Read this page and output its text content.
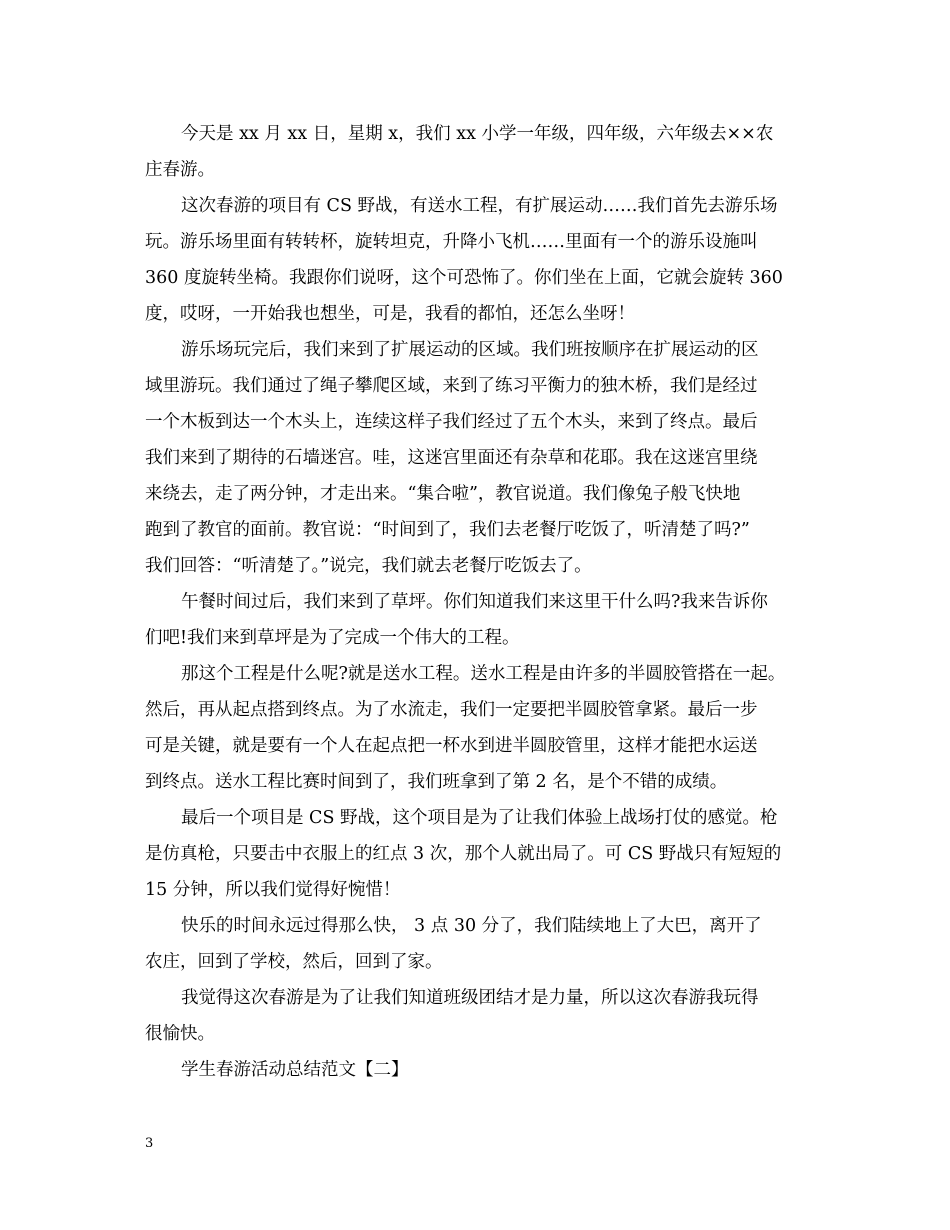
今天是 xx 月 xx 日，星期 x，我们 xx 小学一年级，四年级，六年级去××农
庄春游。
这次春游的项目有 CS 野战，有送水工程，有扩展运动……我们首先去游乐场
玩。游乐场里面有转转杯，旋转坦克，升降小飞机……里面有一个的游乐设施叫
360 度旋转坐椅。我跟你们说呀，这个可恐怖了。你们坐在上面，它就会旋转 360
度，哎呀，一开始我也想坐，可是，我看的都怕，还怎么坐呀！
游乐场玩完后，我们来到了扩展运动的区域。我们班按顺序在扩展运动的区
域里游玩。我们通过了绳子攀爬区域，来到了练习平衡力的独木桥，我们是经过
一个木板到达一个木头上，连续这样子我们经过了五个木头，来到了终点。最后
我们来到了期待的石墙迷宫。哇，这迷宫里面还有杂草和花耶。我在这迷宫里绕
来绕去，走了两分钟，才走出来。“集合啦”，教官说道。我们像兔子般飞快地
跑到了教官的面前。教官说：“时间到了，我们去老餐厅吃饭了，听清楚了吗?”
我们回答：“听清楚了。”说完，我们就去老餐厅吃饭去了。
午餐时间过后，我们来到了草坪。你们知道我们来这里干什么吗?我来告诉你
们吧!我们来到草坪是为了完成一个伟大的工程。
那这个工程是什么呢?就是送水工程。送水工程是由许多的半圆胶管搭在一起。
然后，再从起点搭到终点。为了水流走，我们一定要把半圆胶管拿紧。最后一步
可是关键，就是要有一个人在起点把一杯水到进半圆胶管里，这样才能把水运送
到终点。送水工程比赛时间到了，我们班拿到了第 2 名，是个不错的成绩。
最后一个项目是 CS 野战，这个项目是为了让我们体验上战场打仗的感觉。枪
是仿真枪，只要击中衣服上的红点 3 次，那个人就出局了。可 CS 野战只有短短的
15 分钟，所以我们觉得好惋惜！
快乐的时间永远过得那么快， 3 点 30 分了，我们陆续地上了大巴，离开了
农庄，回到了学校，然后，回到了家。
我觉得这次春游是为了让我们知道班级团结才是力量，所以这次春游我玩得
很愉快。
学生春游活动总结范文【二】
3
